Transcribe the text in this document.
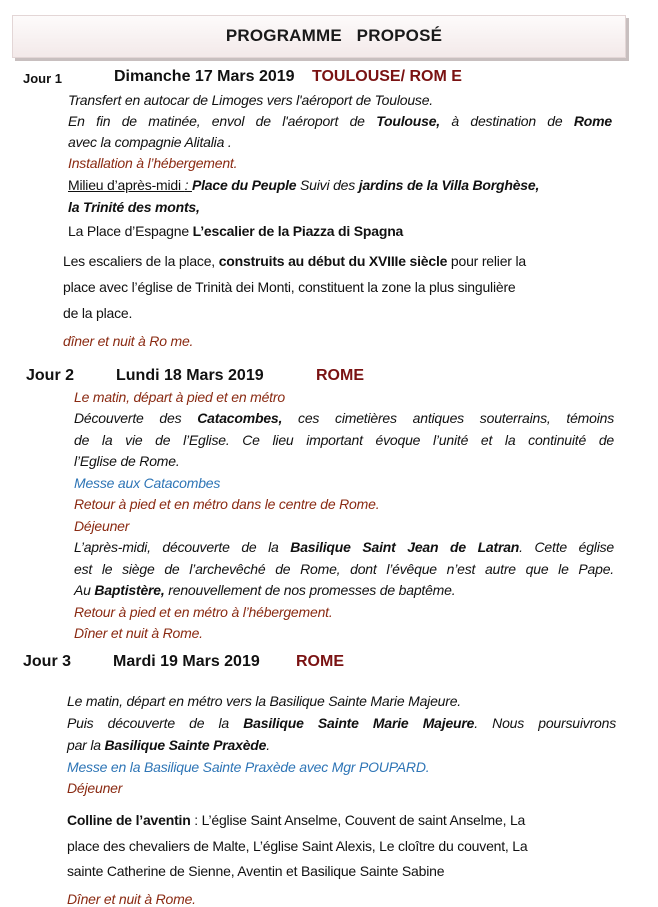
PROGRAMME   PROPOSÉ
Jour 1	Dimanche 17 Mars 2019 TOULOUSE/ ROM E
Transfert en autocar de Limoges vers l'aéroport de Toulouse.
En fin de matinée, envol de l'aéroport de Toulouse, à destination de Rome
avec la compagnie Alitalia .
Installation à l’hébergement.
Milieu d’après-midi : Place du Peuple Suivi des jardins de la Villa Borghèse,
la Trinité des monts,
La Place d’Espagne L’escalier de la Piazza di Spagna
Les escaliers de la place, construits au début du XVIIIe siècle pour relier la
place avec l’église de Trinità dei Monti, constituent la zone la plus singulière
de la place.
dîner et nuit à Ro me.
Jour 2	Lundi 18 Mars 2019	ROME
Le matin, départ à pied et en métro
Découverte des Catacombes, ces cimetières antiques souterrains, témoins
de la vie de l’Eglise. Ce lieu important évoque l’unité et la continuité de
l’Eglise de Rome.
Messe aux Catacombes
Retour à pied et en métro dans le centre de Rome.
Déjeuner
L’après-midi, découverte de la Basilique Saint Jean de Latran. Cette église
est le siège de l’archevêché de Rome, dont l’évêque n’est autre que le Pape.
Au Baptistère, renouvellement de nos promesses de baptême.
Retour à pied et en métro à l’hébergement.
Dîner et nuit à Rome.
Jour 3	Mardi 19 Mars 2019 ROME
Le matin, départ en métro vers la Basilique Sainte Marie Majeure.
Puis découverte de la Basilique Sainte Marie Majeure. Nous poursuivrons
par la Basilique Sainte Praxède.
Messe en la Basilique Sainte Praxède avec Mgr POUPARD.
Déjeuner
Colline de l’aventin : L’église Saint Anselme, Couvent de saint Anselme, La
place des chevaliers de Malte, L’église Saint Alexis, Le cloître du couvent, La
sainte Catherine de Sienne, Aventin et Basilique Sainte Sabine
Dîner et nuit à Rome.
